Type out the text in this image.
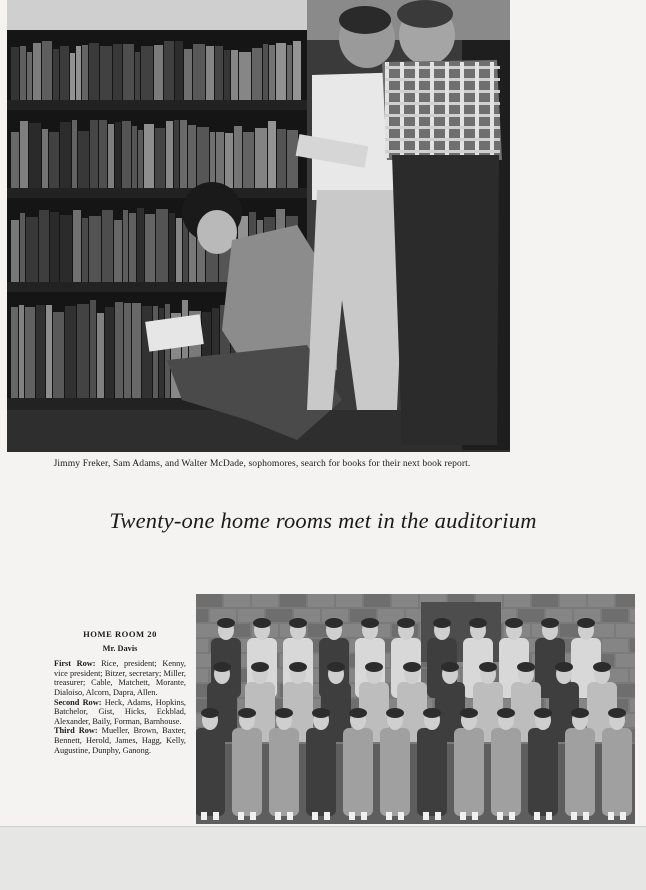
Jimmy Freker, Sam Adams, and Walter McDade, sophomores, search for books for their next book report.
Twenty-one home rooms met in the auditorium
HOME ROOM 20
Mr. Davis

First Row: Rice, president; Kenny, vice president; Bitzer, secretary; Miller, treasurer; Cable, Matchett, Morante, Dialoiso, Alcorn, Dapra, Allen.

Second Row: Heck, Adams, Hopkins, Batchelor, Gist, Hicks, Eckblad, Alexander, Baily, Forman, Barnhouse.

Third Row: Mueller, Brown, Baxter, Bennett, Herold, James, Hagg, Kelly, Augustine, Dunphy, Ganong.
